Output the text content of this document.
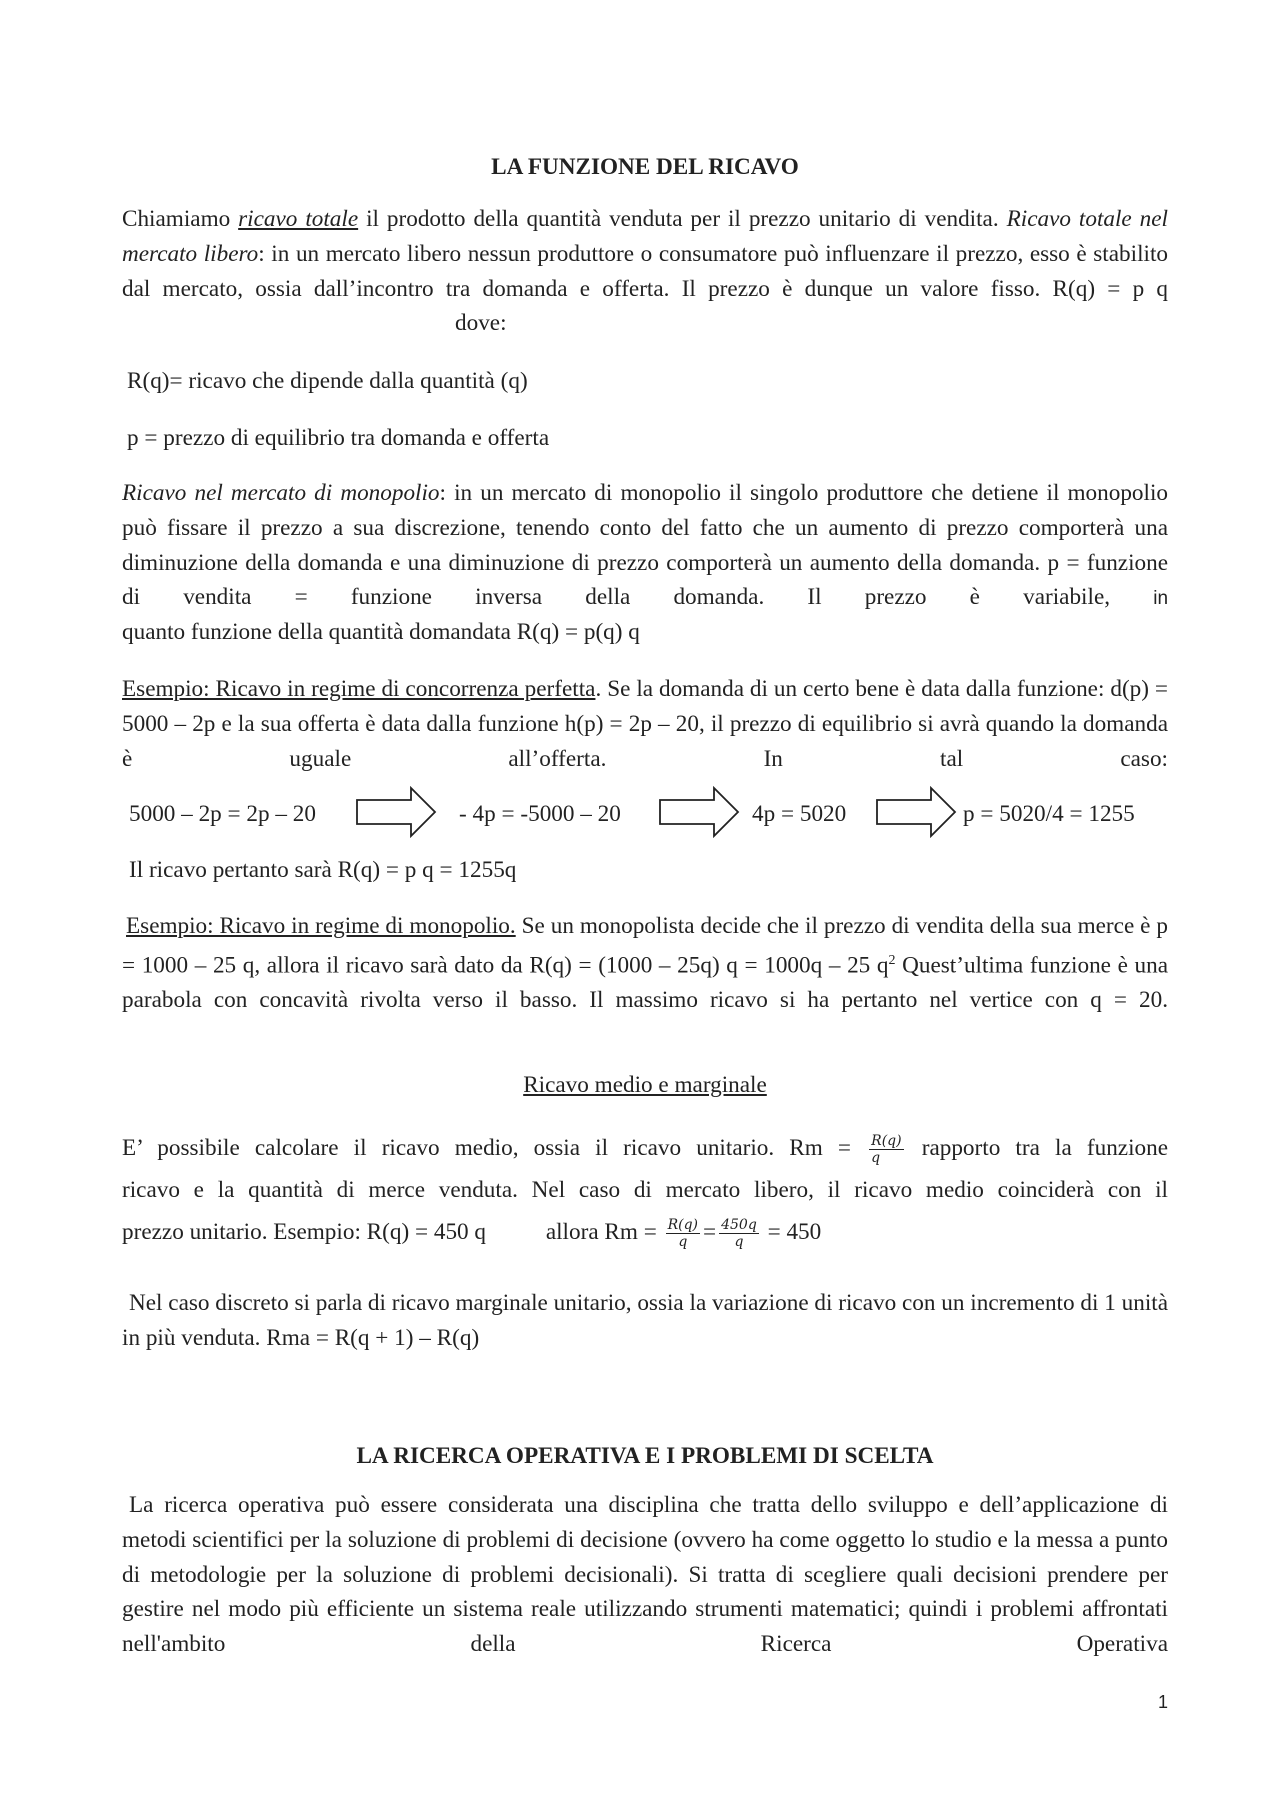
LA FUNZIONE DEL RICAVO
Chiamiamo ricavo totale il prodotto della quantità venduta per il prezzo unitario di vendita. Ricavo totale nel mercato libero: in un mercato libero nessun produttore o consumatore può influenzare il prezzo, esso è stabilito dal mercato, ossia dall’incontro tra domanda e offerta. Il prezzo è dunque un valore fisso. R(q) = p q
dove:
R(q)= ricavo che dipende dalla quantità (q)
p = prezzo di equilibrio tra domanda e offerta
Ricavo nel mercato di monopolio: in un mercato di monopolio il singolo produttore che detiene il monopolio può fissare il prezzo a sua discrezione, tenendo conto del fatto che un aumento di prezzo comporterà una diminuzione della domanda e una diminuzione di prezzo comporterà un aumento della domanda. p = funzione di vendita = funzione inversa della domanda. Il prezzo è variabile, in
quanto funzione della quantità domandata R(q) = p(q) q
Esempio: Ricavo in regime di concorrenza perfetta. Se la domanda di un certo bene è data dalla funzione: d(p) = 5000 – 2p e la sua offerta è data dalla funzione h(p) = 2p – 20, il prezzo di equilibrio si avrà quando la domanda è uguale all’offerta. In tal caso:
5000 – 2p = 2p – 20	- 4p = -5000 – 20	4p = 5020	p = 5020/4 = 1255
Il ricavo pertanto sarà R(q) = p q = 1255q
Esempio: Ricavo in regime di monopolio. Se un monopolista decide che il prezzo di vendita della sua merce è p = 1000 – 25 q, allora il ricavo sarà dato da R(q) = (1000 – 25q) q = 1000q – 25 $q^2$ Quest’ultima funzione è una parabola con concavità rivolta verso il basso. Il massimo ricavo si ha pertanto nel vertice con q = 20.
Ricavo medio e marginale
E’ possibile calcolare il ricavo medio, ossia il ricavo unitario. $Rm = \frac{R(q)}{q}$ rapporto tra la funzione
ricavo e la quantità di merce venduta. Nel caso di mercato libero, il ricavo medio coinciderà con il
prezzo unitario. Esempio: R(q) = 450 q	allora $Rm = \frac{R(q)}{q} = \frac{450q}{q} = 450$
Nel caso discreto si parla di ricavo marginale unitario, ossia la variazione di ricavo con un incremento di 1 unità in più venduta. Rma = R(q + 1) – R(q)
LA RICERCA OPERATIVA E I PROBLEMI DI SCELTA
La ricerca operativa può essere considerata una disciplina che tratta dello sviluppo e dell’applicazione di metodi scientifici per la soluzione di problemi di decisione (ovvero ha come oggetto lo studio e la messa a punto di metodologie per la soluzione di problemi decisionali). Si tratta di scegliere quali decisioni prendere per gestire nel modo più efficiente un sistema reale utilizzando strumenti matematici; quindi i problemi affrontati nell'ambito della Ricerca Operativa
1
